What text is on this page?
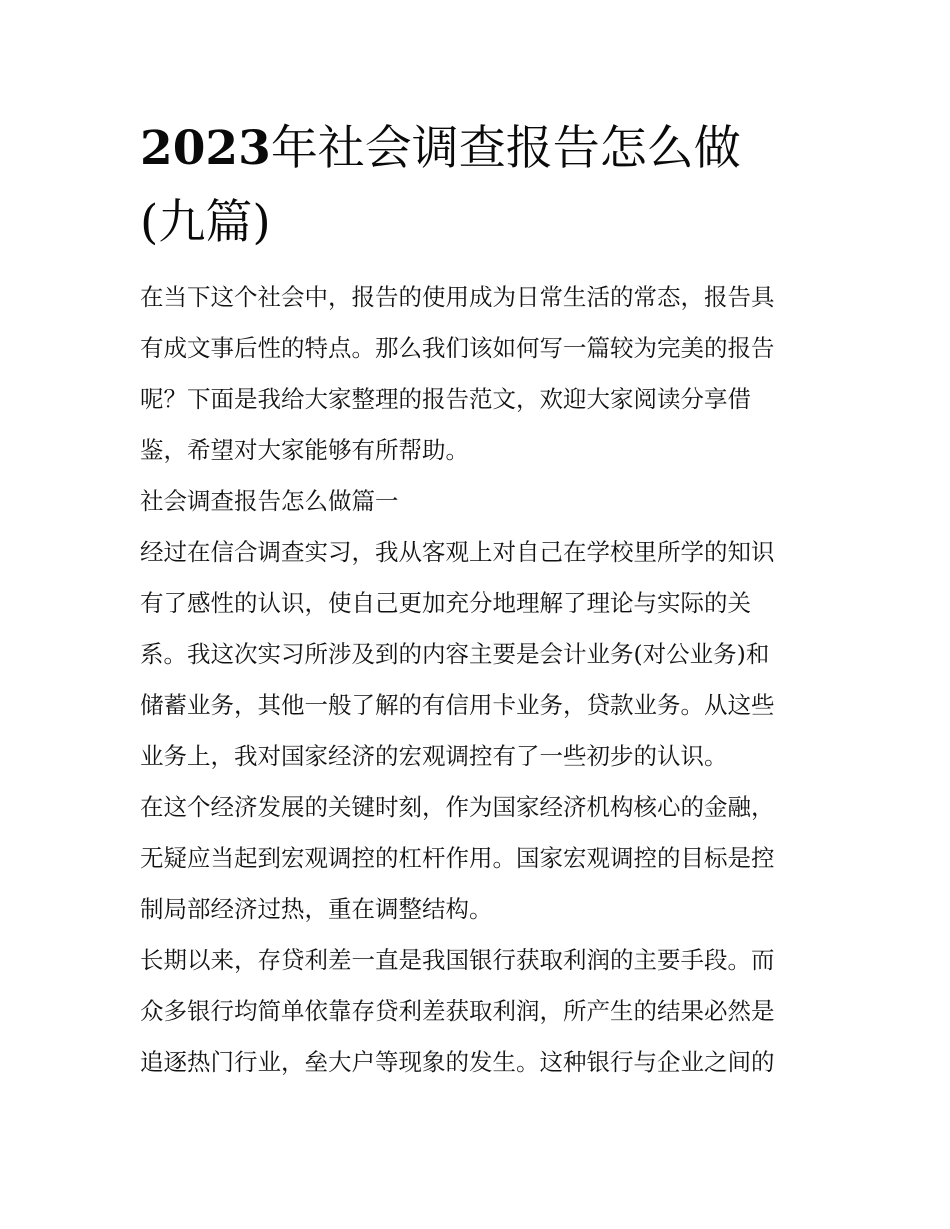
2023年社会调查报告怎么做
(九篇)
在当下这个社会中，报告的使用成为日常生活的常态，报告具
有成文事后性的特点。那么我们该如何写一篇较为完美的报告
呢？下面是我给大家整理的报告范文，欢迎大家阅读分享借
鉴，希望对大家能够有所帮助。
社会调查报告怎么做篇一
经过在信合调查实习，我从客观上对自己在学校里所学的知识
有了感性的认识，使自己更加充分地理解了理论与实际的关
系。我这次实习所涉及到的内容主要是会计业务(对公业务)和
储蓄业务，其他一般了解的有信用卡业务，贷款业务。从这些
业务上，我对国家经济的宏观调控有了一些初步的认识。
在这个经济发展的关键时刻，作为国家经济机构核心的金融，
无疑应当起到宏观调控的杠杆作用。国家宏观调控的目标是控
制局部经济过热，重在调整结构。
长期以来，存贷利差一直是我国银行获取利润的主要手段。而
众多银行均简单依靠存贷利差获取利润，所产生的结果必然是
追逐热门行业，垒大户等现象的发生。这种银行与企业之间的
